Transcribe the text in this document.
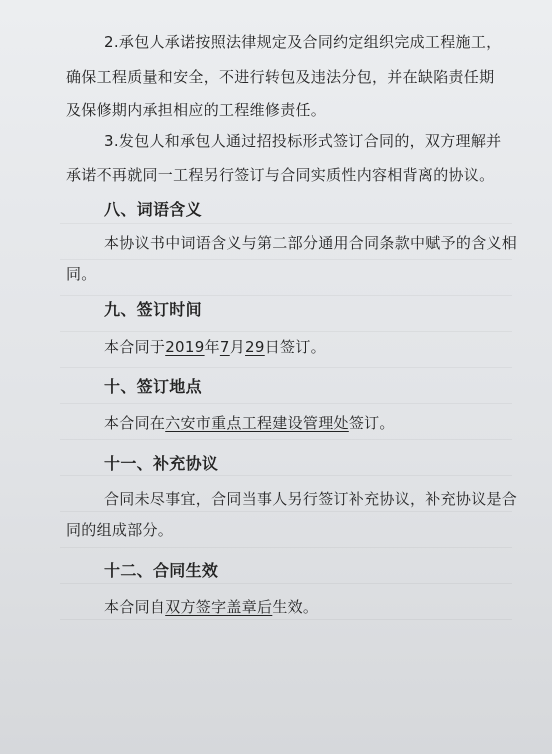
2.承包人承诺按照法律规定及合同约定组织完成工程施工，
确保工程质量和安全，不进行转包及违法分包，并在缺陷责任期
及保修期内承担相应的工程维修责任。
3.发包人和承包人通过招投标形式签订合同的，双方理解并
承诺不再就同一工程另行签订与合同实质性内容相背离的协议。
八、词语含义
本协议书中词语含义与第二部分通用合同条款中赋予的含义相
同。
九、签订时间
本合同于2019年7月29日签订。
十、签订地点
本合同在六安市重点工程建设管理处签订。
十一、补充协议
合同未尽事宜，合同当事人另行签订补充协议，补充协议是合
同的组成部分。
十二、合同生效
本合同自双方签字盖章后生效。
